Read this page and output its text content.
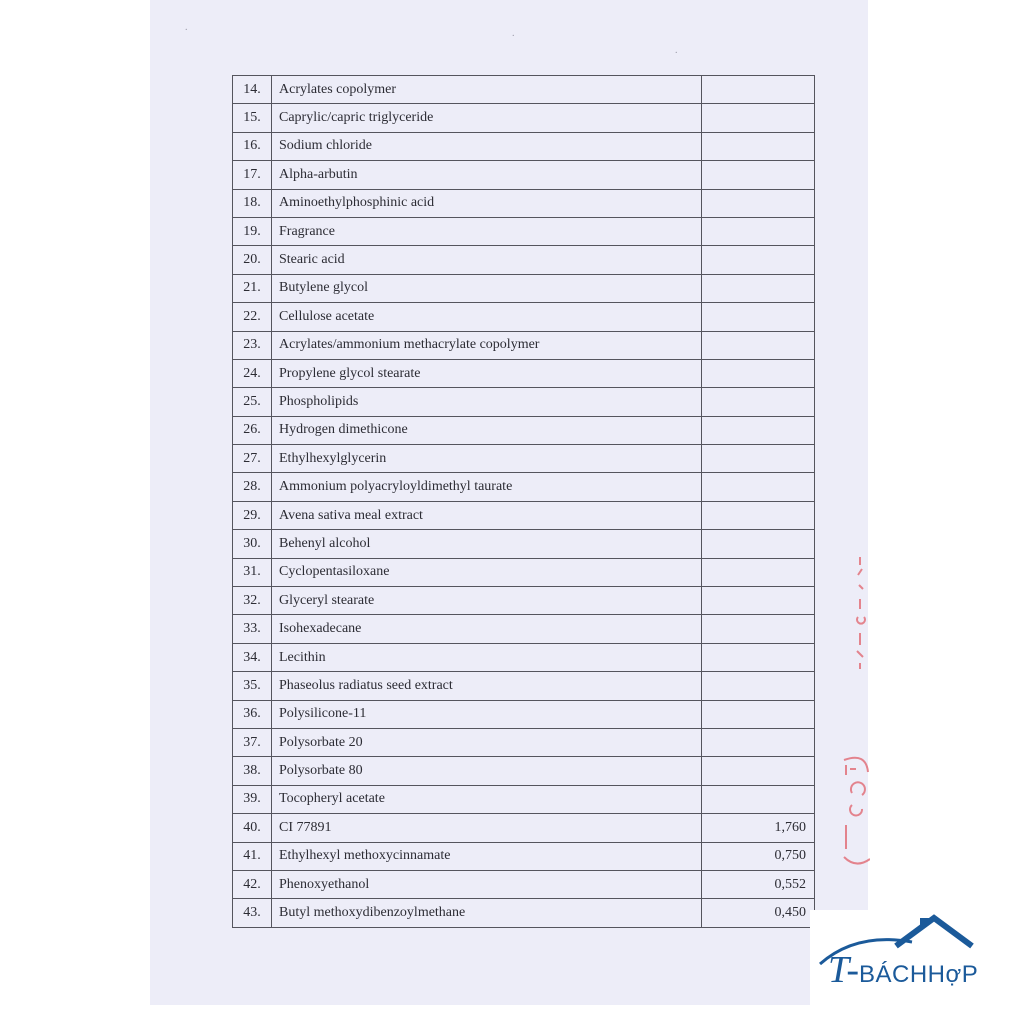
.
.
.
14.	Acrylates copolymer	
15.	Caprylic/capric triglyceride	
16.	Sodium chloride	
17.	Alpha-arbutin	
18.	Aminoethylphosphinic acid	
19.	Fragrance	
20.	Stearic acid	
21.	Butylene glycol	
22.	Cellulose acetate	
23.	Acrylates/ammonium methacrylate copolymer	
24.	Propylene glycol stearate	
25.	Phospholipids	
26.	Hydrogen dimethicone	
27.	Ethylhexylglycerin	
28.	Ammonium polyacryloyldimethyl taurate	
29.	Avena sativa meal extract	
30.	Behenyl alcohol	
31.	Cyclopentasiloxane	
32.	Glyceryl stearate	
33.	Isohexadecane	
34.	Lecithin	
35.	Phaseolus radiatus seed extract	
36.	Polysilicone-11	
37.	Polysorbate 20	
38.	Polysorbate 80	
39.	Tocopheryl acetate	
40.	CI 77891	1,760
41.	Ethylhexyl methoxycinnamate	0,750
42.	Phenoxyethanol	0,552
43.	Butyl methoxydibenzoylmethane	0,450
T-BÁCHHợP
